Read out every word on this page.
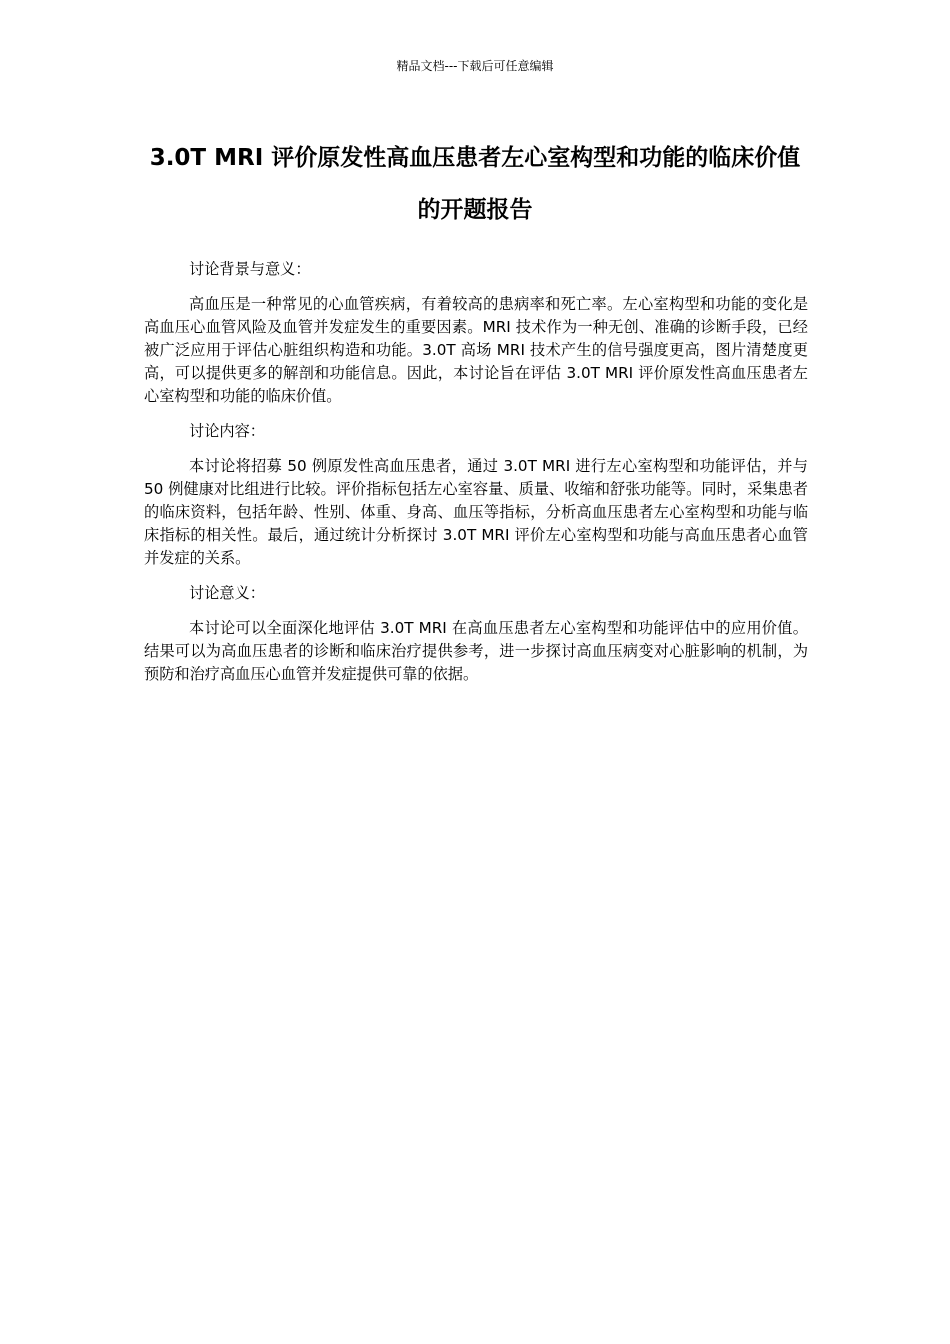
精品文档---下载后可任意编辑
3.0T MRI 评价原发性高血压患者左心室构型和功能的临床价值的开题报告

讨论背景与意义：

高血压是一种常见的心血管疾病，有着较高的患病率和死亡率。左心室构型和功能的变化是高血压心血管风险及血管并发症发生的重要因素。MRI 技术作为一种无创、准确的诊断手段，已经被广泛应用于评估心脏组织构造和功能。3.0T 高场 MRI 技术产生的信号强度更高，图片清楚度更高，可以提供更多的解剖和功能信息。因此，本讨论旨在评估 3.0T MRI 评价原发性高血压患者左心室构型和功能的临床价值。

讨论内容：

本讨论将招募 50 例原发性高血压患者，通过 3.0T MRI 进行左心室构型和功能评估，并与 50 例健康对比组进行比较。评价指标包括左心室容量、质量、收缩和舒张功能等。同时，采集患者的临床资料，包括年龄、性别、体重、身高、血压等指标，分析高血压患者左心室构型和功能与临床指标的相关性。最后，通过统计分析探讨 3.0T MRI 评价左心室构型和功能与高血压患者心血管并发症的关系。

讨论意义：

本讨论可以全面深化地评估 3.0T MRI 在高血压患者左心室构型和功能评估中的应用价值。结果可以为高血压患者的诊断和临床治疗提供参考，进一步探讨高血压病变对心脏影响的机制，为预防和治疗高血压心血管并发症提供可靠的依据。
